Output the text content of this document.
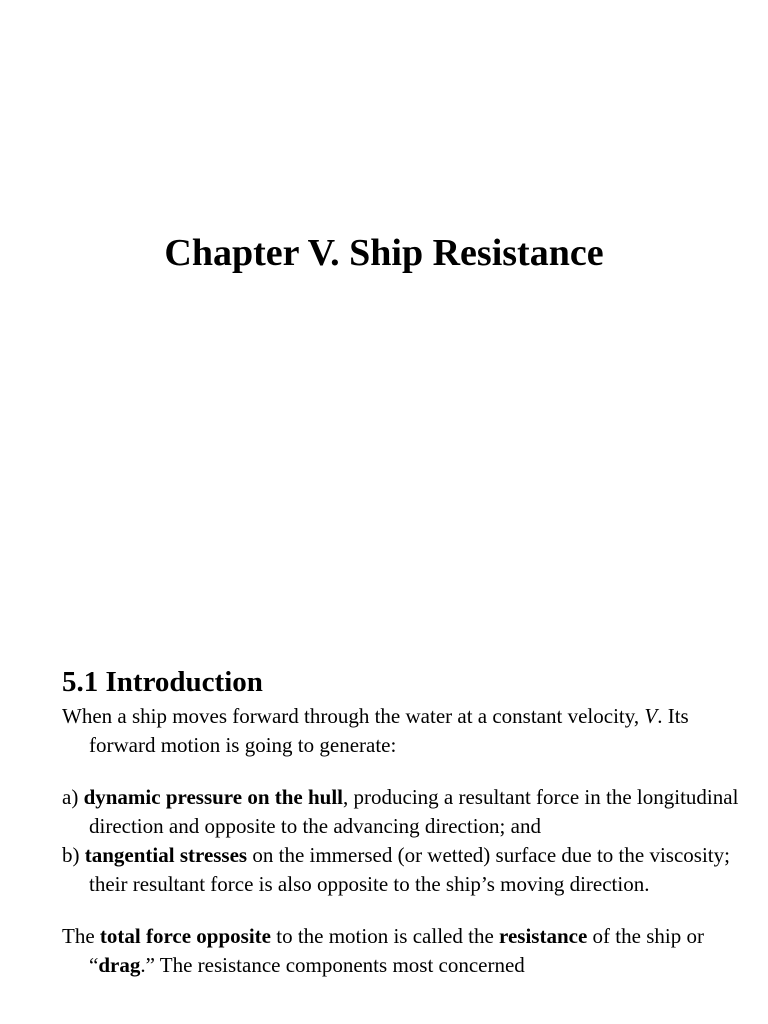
Chapter V. Ship Resistance
5.1 Introduction

When a ship moves forward through the water at a constant velocity, V. Its forward motion is going to generate:

a) dynamic pressure on the hull, producing a resultant force in the longitudinal direction and opposite to the advancing direction; and

b) tangential stresses on the immersed (or wetted) surface due to the viscosity; their resultant force is also opposite to the ship’s moving direction.

The total force opposite to the motion is called the resistance of the ship or “drag.” The resistance components most concerned
